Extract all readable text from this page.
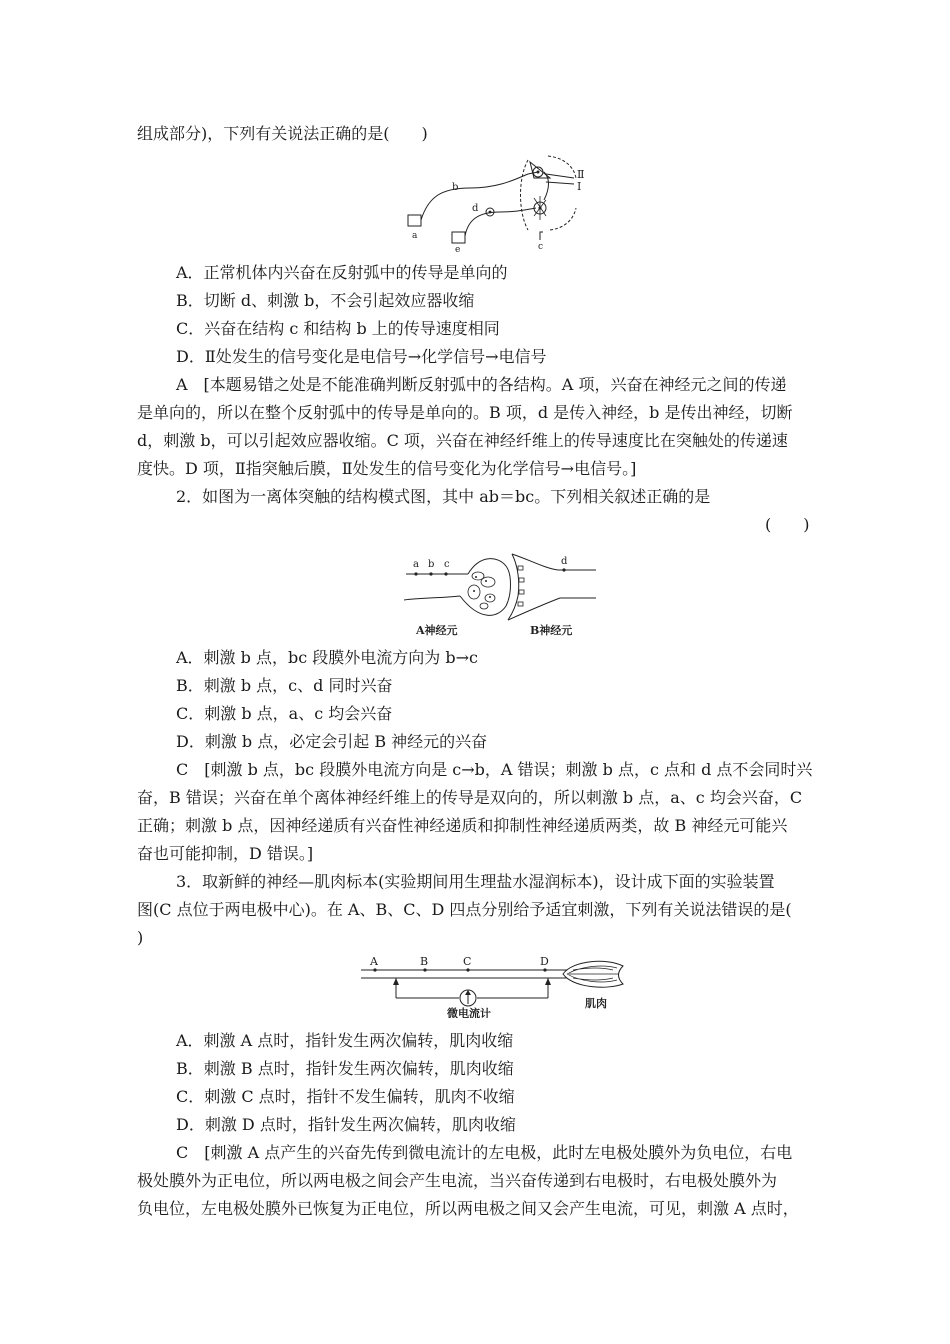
组成部分)，下列有关说法正确的是(　　)
a
b
c
d
e
Ⅱ
Ⅰ
A．正常机体内兴奋在反射弧中的传导是单向的
B．切断 d、刺激 b，不会引起效应器收缩
C．兴奋在结构 c 和结构 b 上的传导速度相同
D．Ⅱ处发生的信号变化是电信号→化学信号→电信号
A　[本题易错之处是不能准确判断反射弧中的各结构。A 项，兴奋在神经元之间的传递
是单向的，所以在整个反射弧中的传导是单向的。B 项，d 是传入神经，b 是传出神经，切断
d，刺激 b，可以引起效应器收缩。C 项，兴奋在神经纤维上的传导速度比在突触处的传递速
度快。D 项，Ⅱ指突触后膜，Ⅱ处发生的信号变化为化学信号→电信号。]
2．如图为一离体突触的结构模式图，其中 ab＝bc。下列相关叙述正确的是
(　　)
a b c	d
A神经元	B神经元
A．刺激 b 点，bc 段膜外电流方向为 b→c
B．刺激 b 点，c、d 同时兴奋
C．刺激 b 点，a、c 均会兴奋
D．刺激 b 点，必定会引起 B 神经元的兴奋
C　[刺激 b 点，bc 段膜外电流方向是 c→b，A 错误；刺激 b 点，c 点和 d 点不会同时兴
奋，B 错误；兴奋在单个离体神经纤维上的传导是双向的，所以刺激 b 点，a、c 均会兴奋，C
正确；刺激 b 点，因神经递质有兴奋性神经递质和抑制性神经递质两类，故 B 神经元可能兴
奋也可能抑制，D 错误。]
3．取新鲜的神经—肌肉标本(实验期间用生理盐水湿润标本)，设计成下面的实验装置
图(C 点位于两电极中心)。在 A、B、C、D 四点分别给予适宜刺激，下列有关说法错误的是(
)
A	B	C	D
微电流计
肌肉
A．刺激 A 点时，指针发生两次偏转，肌肉收缩
B．刺激 B 点时，指针发生两次偏转，肌肉收缩
C．刺激 C 点时，指针不发生偏转，肌肉不收缩
D．刺激 D 点时，指针发生两次偏转，肌肉收缩
C　[刺激 A 点产生的兴奋先传到微电流计的左电极，此时左电极处膜外为负电位，右电
极处膜外为正电位，所以两电极之间会产生电流，当兴奋传递到右电极时，右电极处膜外为
负电位，左电极处膜外已恢复为正电位，所以两电极之间又会产生电流，可见，刺激 A 点时，
